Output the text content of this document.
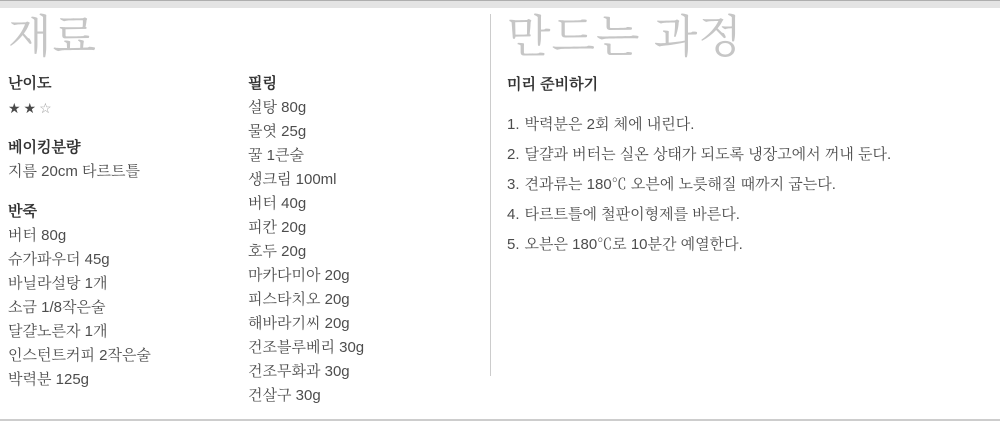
재료
난이도
★★☆
베이킹분량
지름 20cm 타르트틀
반죽
버터 80g
슈가파우더 45g
바닐라설탕 1개
소금 1/8작은술
달걀노른자 1개
인스턴트커피 2작은술
박력분 125g
필링
설탕 80g
물엿 25g
꿀 1큰술
생크림 100ml
버터 40g
피칸 20g
호두 20g
마카다미아 20g
피스타치오 20g
해바라기씨 20g
건조블루베리 30g
건조무화과 30g
건살구 30g
만드는 과정
미리 준비하기
1. 박력분은 2회 체에 내린다.
2. 달걀과 버터는 실온 상태가 되도록 냉장고에서 꺼내 둔다.
3. 견과류는 180℃ 오븐에 노릇해질 때까지 굽는다.
4. 타르트틀에 철판이형제를 바른다.
5. 오븐은 180℃로 10분간 예열한다.
